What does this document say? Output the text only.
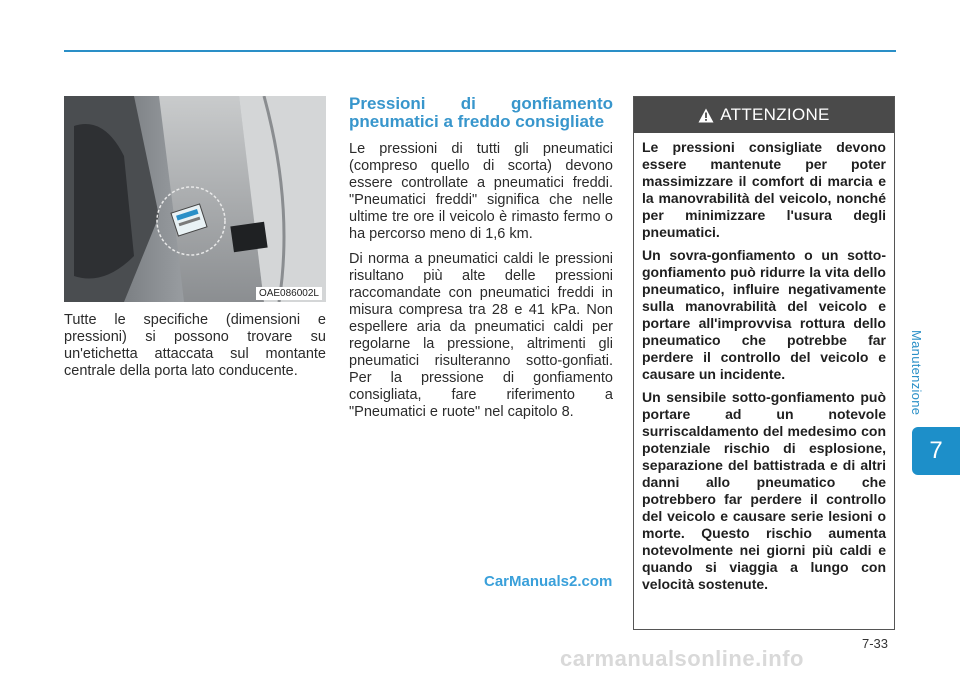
Manutenzione
7
OAE086002L
Tutte le specifiche (dimensioni e pressioni) si possono trovare su un'etichetta attaccata sul montante centrale della porta lato conducente.
Pressioni di gonfiamento pneumatici a freddo consigliate

Le pressioni di tutti gli pneumatici (compreso quello di scorta) devono essere controllate a pneumatici freddi. "Pneumatici freddi" significa che nelle ultime tre ore il veicolo è rimasto fermo o ha percorso meno di 1,6 km.

Di norma a pneumatici caldi le pressioni risultano più alte delle pressioni raccomandate con pneumatici freddi in misura compresa tra 28 e 41 kPa. Non espellere aria da pneumatici caldi per regolarne la pressione, altrimenti gli pneumatici risulteranno sotto-gonfiati. Per la pressione di gonfiamento consigliata, fare riferimento a "Pneumatici e ruote" nel capitolo 8.

ATTENZIONE

Le pressioni consigliate devono essere mantenute per poter massimizzare il comfort di marcia e la manovrabilità del veicolo, nonché per minimizzare l'usura degli pneumatici.

Un sovra-gonfiamento o un sotto-gonfiamento può ridurre la vita dello pneumatico, influire negativamente sulla manovrabilità del veicolo e portare all'improvvisa rottura dello pneumatico che potrebbe far perdere il controllo del veicolo e causare un incidente.

Un sensibile sotto-gonfiamento può portare ad un notevole surriscaldamento del medesimo con potenziale rischio di esplosione, separazione del battistrada e di altri danni allo pneumatico che potrebbero far perdere il controllo del veicolo e causare serie lesioni o morte. Questo rischio aumenta notevolmente nei giorni più caldi e quando si viaggia a lungo con velocità sostenute.

CarManuals2.com
7-33
carmanualsonline.info
